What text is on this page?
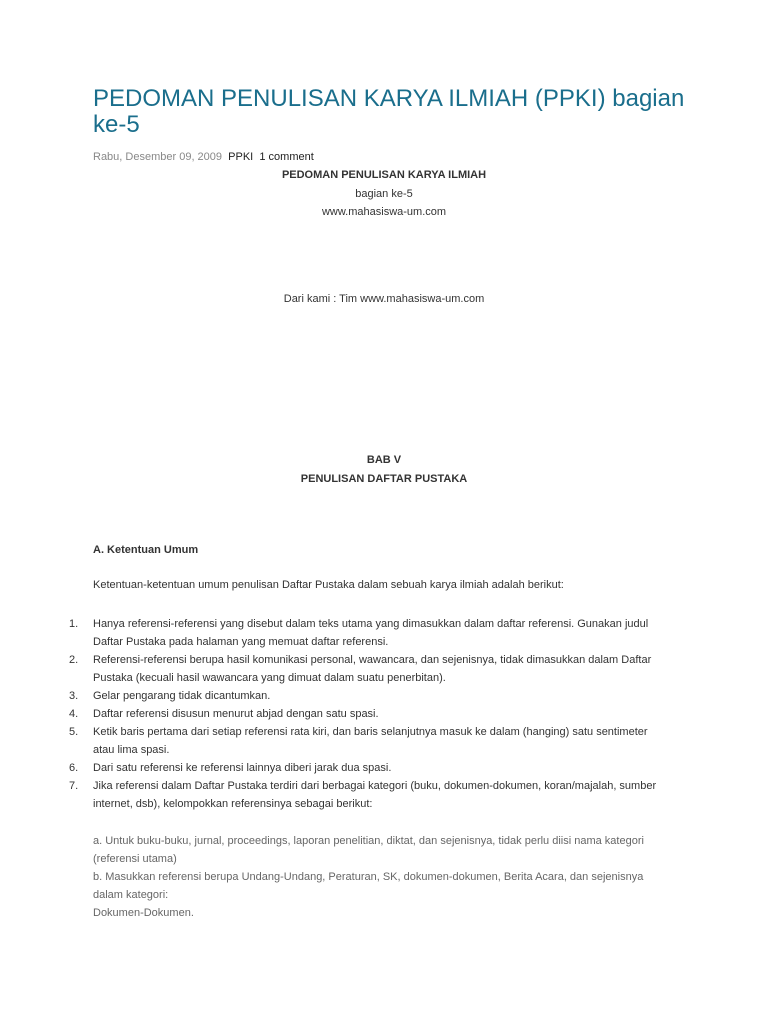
PEDOMAN PENULISAN KARYA ILMIAH (PPKI) bagian ke-5
Rabu, Desember 09, 2009 PPKI 1 comment
PEDOMAN PENULISAN KARYA ILMIAH
bagian ke-5
www.mahasiswa-um.com
Dari kami : Tim www.mahasiswa-um.com
BAB V
PENULISAN DAFTAR PUSTAKA
A. Ketentuan Umum
Ketentuan-ketentuan umum penulisan Daftar Pustaka dalam sebuah karya ilmiah adalah berikut:
1. Hanya referensi-referensi yang disebut dalam teks utama yang dimasukkan dalam daftar referensi. Gunakan judul Daftar Pustaka pada halaman yang memuat daftar referensi.
2. Referensi-referensi berupa hasil komunikasi personal, wawancara, dan sejenisnya, tidak dimasukkan dalam Daftar Pustaka (kecuali hasil wawancara yang dimuat dalam suatu penerbitan).
3. Gelar pengarang tidak dicantumkan.
4. Daftar referensi disusun menurut abjad dengan satu spasi.
5. Ketik baris pertama dari setiap referensi rata kiri, dan baris selanjutnya masuk ke dalam (hanging) satu sentimeter atau lima spasi.
6. Dari satu referensi ke referensi lainnya diberi jarak dua spasi.
7. Jika referensi dalam Daftar Pustaka terdiri dari berbagai kategori (buku, dokumen-dokumen, koran/majalah, sumber internet, dsb), kelompokkan referensinya sebagai berikut:

a. Untuk buku-buku, jurnal, proceedings, laporan penelitian, diktat, dan sejenisnya, tidak perlu diisi nama kategori (referensi utama)

b. Masukkan referensi berupa Undang-Undang, Peraturan, SK, dokumen-dokumen, Berita Acara, dan sejenisnya dalam kategori:

Dokumen-Dokumen.
